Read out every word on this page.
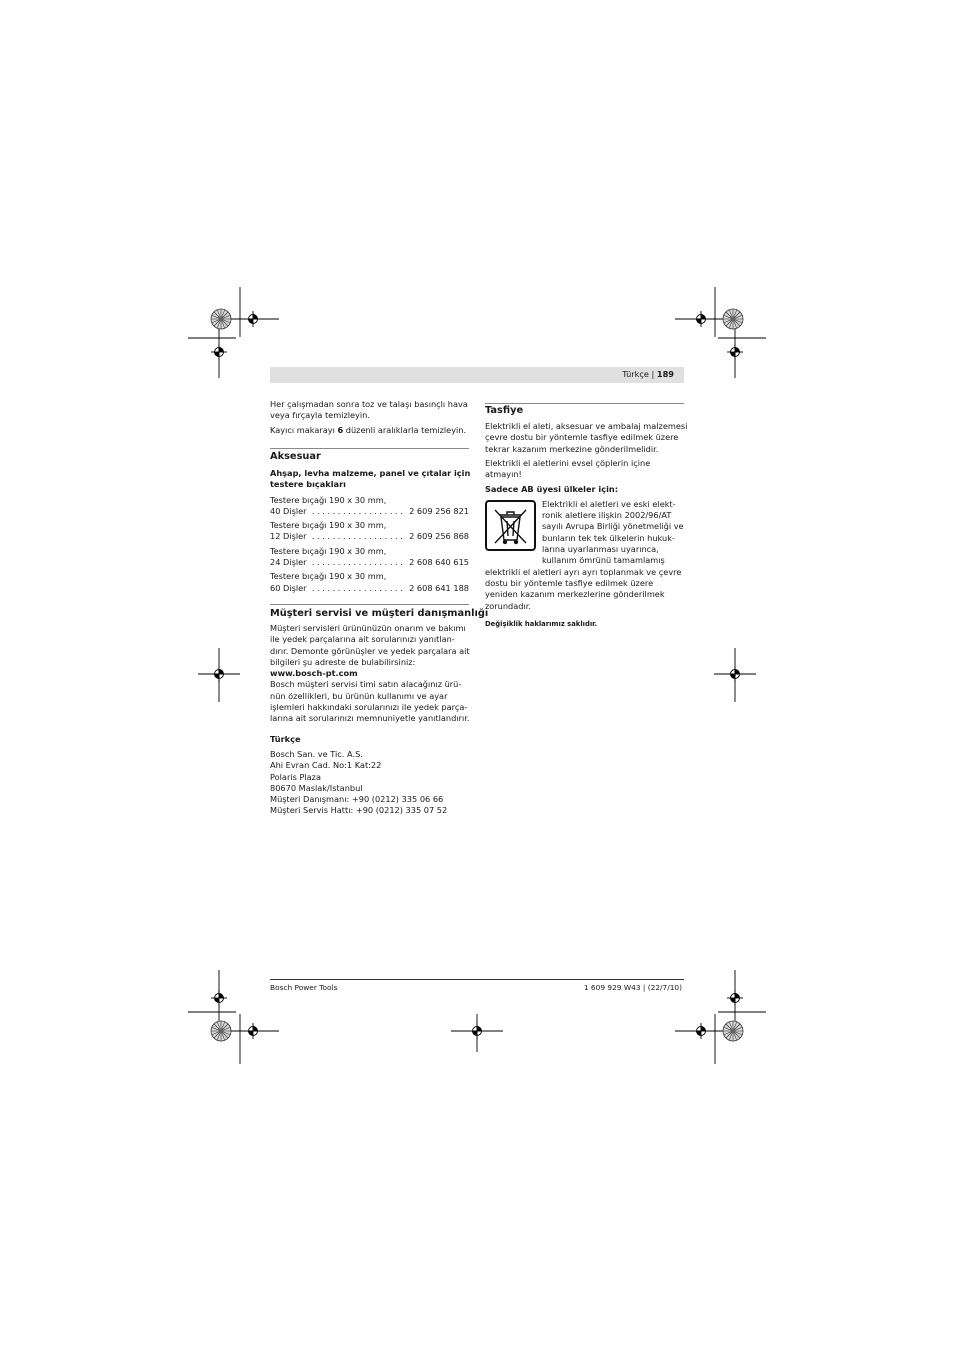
Türkçe | 189

Her çalışmadan sonra toz ve talaşı basınçlı hava

veya fırçayla temizleyin.

Kayıcı makarayı 6 düzenli aralıklarla temizleyin.

Aksesuar

Ahşap, levha malzeme, panel ve çıtalar için

testere bıçakları

Testere bıçağı 190 x 30 mm,

40 Dişler . . . . . . . . . . . . . . . . . . 2 609 256 821

Testere bıçağı 190 x 30 mm,

12 Dişler . . . . . . . . . . . . . . . . . . 2 609 256 868

Testere bıçağı 190 x 30 mm,

24 Dişler . . . . . . . . . . . . . . . . . . 2 608 640 615

Testere bıçağı 190 x 30 mm,

60 Dişler . . . . . . . . . . . . . . . . . . 2 608 641 188

Müşteri servisi ve müşteri danışmanlığı

Müşteri servisleri ürününüzün onarım ve bakımı

ile yedek parçalarına ait sorularınızı yanıtlan-

dırır. Demonte görünüşler ve yedek parçalara ait

bilgileri şu adreste de bulabilirsiniz:

www.bosch-pt.com

Bosch müşteri servisi timi satın alacağınız ürü-

nün özellikleri, bu ürünün kullanımı ve ayar

işlemleri hakkındaki sorularınızı ile yedek parça-

larına ait sorularınızı memnuniyetle yanıtlandırır.

Türkçe

Bosch San. ve Tic. A.S.

Ahi Evran Cad. No:1 Kat:22

Polaris Plaza

80670 Maslak/Istanbul

Müşteri Danışmanı: +90 (0212) 335 06 66

Müşteri Servis Hattı: +90 (0212) 335 07 52

Tasfiye

Elektrikli el aleti, aksesuar ve ambalaj malzemesi

çevre dostu bir yöntemle tasfiye edilmek üzere

tekrar kazanım merkezine gönderilmelidir.

Elektrikli el aletlerini evsel çöplerin içine

atmayın!

Sadece AB üyesi ülkeler için:

Elektrikli el aletleri ve eski elekt-

ronik aletlere ilişkin 2002/96/AT

sayılı Avrupa Birliği yönetmeliği ve

bunların tek tek ülkelerin hukuk-

larına uyarlanması uyarınca,

kullanım ömrünü tamamlamış

elektrikli el aletleri ayrı ayrı toplanmak ve çevre

dostu bir yöntemle tasfiye edilmek üzere

yeniden kazanım merkezlerine gönderilmek

zorundadır.

Değişiklik haklarımız saklıdır.

Bosch Power Tools	1 609 929 W43 | (22/7/10)
